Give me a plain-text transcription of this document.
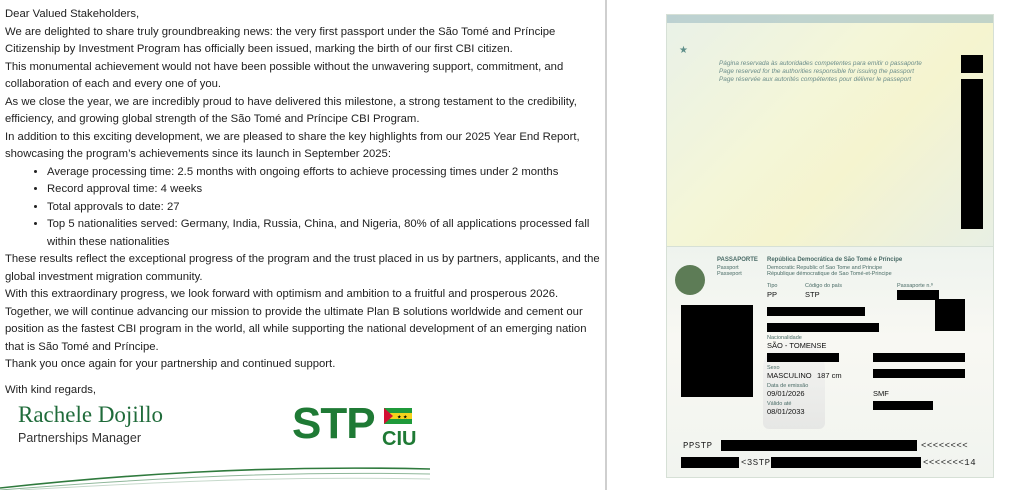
Dear Valued Stakeholders,

We are delighted to share truly groundbreaking news: the very first passport under the São Tomé and Príncipe Citizenship by Investment Program has officially been issued, marking the birth of our first CBI citizen.

This monumental achievement would not have been possible without the unwavering support, commitment, and collaboration of each and every one of you.

As we close the year, we are incredibly proud to have delivered this milestone, a strong testament to the credibility, efficiency, and growing global strength of the São Tomé and Príncipe CBI Program.

In addition to this exciting development, we are pleased to share the key highlights from our 2025 Year End Report, showcasing the program’s achievements since its launch in September 2025:

• Average processing time: 2.5 months with ongoing efforts to achieve processing times under 2 months
• Record approval time: 4 weeks
• Total approvals to date: 27
• Top 5 nationalities served: Germany, India, Russia, China, and Nigeria, 80% of all applications processed fall within these nationalities

These results reflect the exceptional progress of the program and the trust placed in us by partners, applicants, and the global investment migration community.

With this extraordinary progress, we look forward with optimism and ambition to a fruitful and prosperous 2026.

Together, we will continue advancing our mission to provide the ultimate Plan B solutions worldwide and cement our position as the fastest CBI program in the world, all while supporting the national development of an emerging nation that is São Tomé and Príncipe.

Thank you once again for your partnership and continued support.

With kind regards,

Rachele Dojillo
Partnerships Manager	STP	★ ★
CIU
★
Página reservada às autoridades competentes para emitir o passaporte
Page reserved for the authorities responsible for issuing the passport
Page réservée aux autorités compétentes pour délivrer le passeport
PASSAPORTE
Passport
Passeport
República Democrática de São Tomé e Príncipe
Democratic Republic of Sao Tome and Principe
République démocratique de Sao Tomé-et-Principe
Tipo
PP
Código do país
STP
Passaporte n.º
Nacionalidade
SÃO - TOMENSE
Sexo
MASCULINO 187 cm
Data de emissão
09/01/2026	SMF
Válido até
08/01/2033
PPSTP	<<<<<<<<
<3STP	<<<<<<<14
